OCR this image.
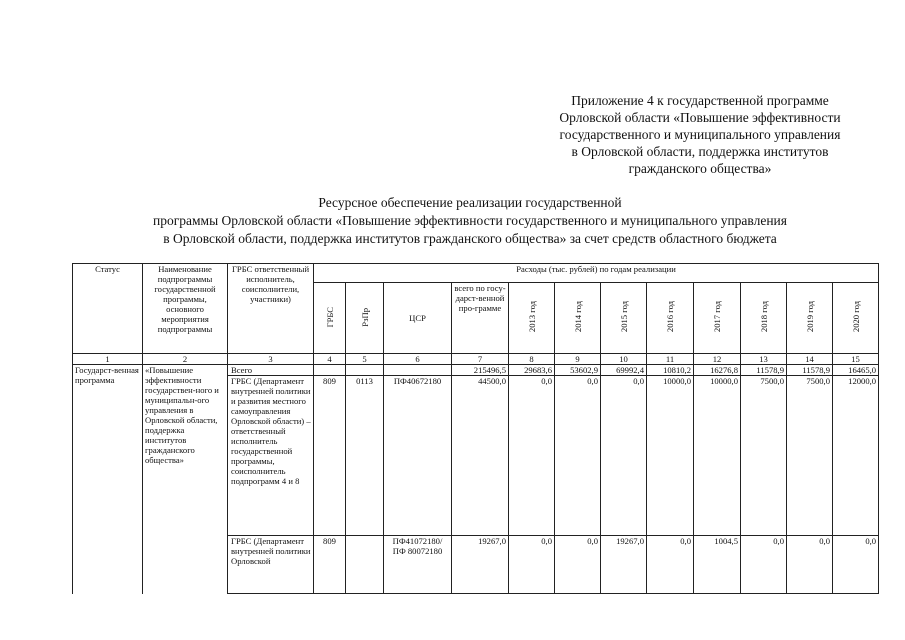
Приложение 4 к государственной программе
Орловской области «Повышение эффективности
государственного и муниципального управления
в Орловской области, поддержка институтов
гражданского общества»
Ресурсное обеспечение реализации государственной
программы Орловской области «Повышение эффективности государственного и муниципального управления
в Орловской области, поддержка институтов гражданского общества» за счет средств областного бюджета
Статус	Наименование подпрограммы государственной программы, основного мероприятия подпрограммы	ГРБС ответственный исполнитель, соисполнители, участники)	Расходы (тыс. рублей) по годам реализации											
			ГРБС	РзПр	ЦСР	всего по госу-дарст-венной про-грамме	2013 год	2014 год	2015 год	2016 год	2017 год	2018 год	2019 год	2020 год
1	2	3	4	5	6	7	8	9	10	11	12	13	14	15
Государст-венная программа	«Повышение эффективности государствен-ного и муниципальн-ого управления в Орловской области, поддержка институтов гражданского общества»	Всего				215496,5	29683,6	53602,9	69992,4	10810,2	16276,8	11578,9	11578,9	16465,0
		ГРБС (Департамент внутренней политики и развития местного самоуправления Орловской области) – ответственный исполнитель государственной программы, соисполнитель подпрограмм 4 и 8	809	0113	ПФ40672180	44500,0	0,0	0,0	0,0	10000,0	10000,0	7500,0	7500,0	12000,0
		ГРБС (Департамент внутренней политики Орловской	809		ПФ41072180/ ПФ 80072180	19267,0	0,0	0,0	19267,0	0,0	1004,5	0,0	0,0	0,0
